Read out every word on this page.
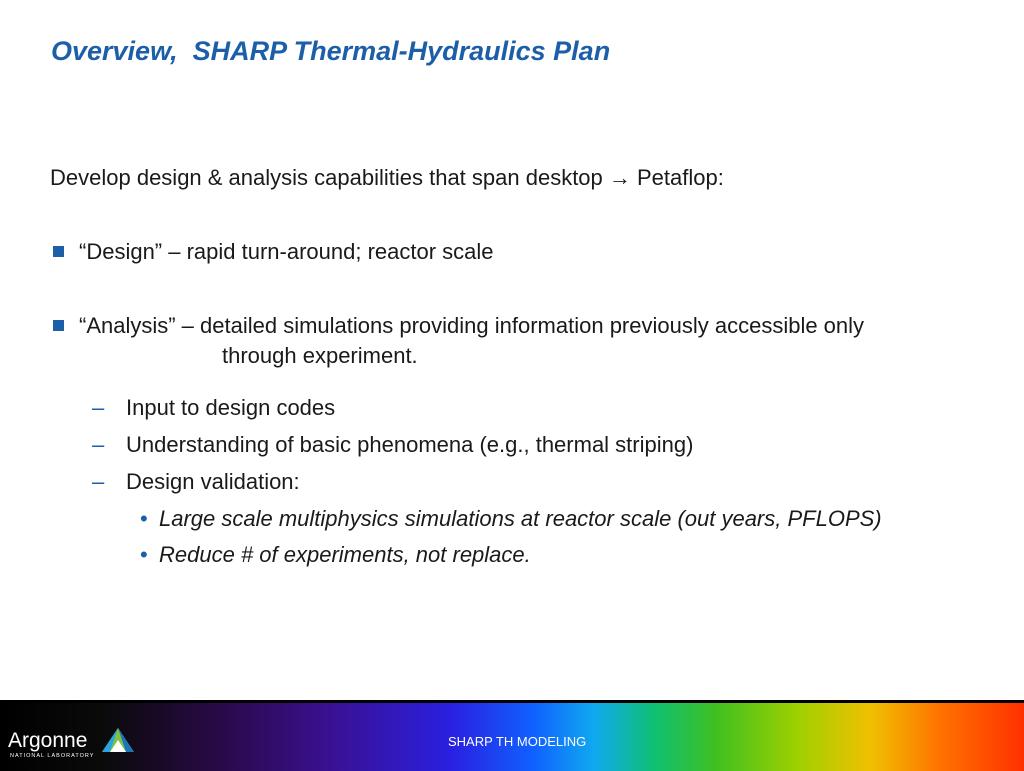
Overview,  SHARP Thermal-Hydraulics Plan
Develop design & analysis capabilities that span desktop → Petaflop:
“Design” – rapid turn-around; reactor scale
“Analysis” – detailed simulations providing information previously accessible only
through experiment.
– Input to design codes
– Understanding of basic phenomena (e.g., thermal striping)
– Design validation:
• Large scale multiphysics simulations at reactor scale (out years, PFLOPS)
• Reduce # of experiments, not replace.
Argonne
NATIONAL LABORATORY
SHARP TH MODELING
